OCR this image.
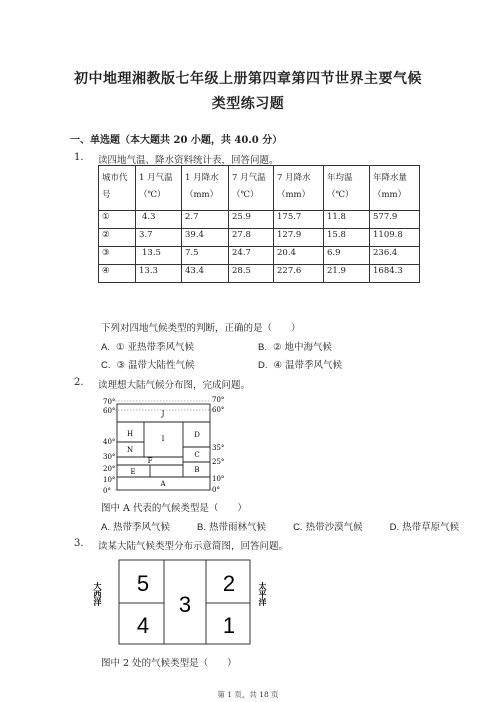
初中地理湘教版七年级上册第四章第四节世界主要气候
类型练习题
一、单选题（本大题共 20 小题，共 40.0 分）
1. 读四地气温、降水资料统计表，回答问题。
城市代
号	1 月气温
（℃）	1 月降水
（mm）	7 月气温
（℃）	7 月降水
（mm）	年均温
（℃）	年降水量
（mm）
①	4.3	2.7	25.9	175.7	11.8	577.9
②	3.7	39.4	27.8	127.9	15.8	1109.8
③	13.5	7.5	24.7	20.4	6.9	236.4
④	13.3	43.4	28.5	227.6	21.9	1684.3
下列对四地气候类型的判断，正确的是（　　）
A. ① 亚热带季风气候	B. ② 地中海气候
C. ③ 温带大陆性气候	D. ④ 温带季风气候
2. 读理想大陆气候分布图，完成问题。
70°
60°
40°
30°
20°
10°
0°
70°
60°
35°
25°
10°
0°
J
I
H	D
N
C
F
B
E
A
图中 A 代表的气候类型是（　　）
A. 热带季风气候	B. 热带雨林气候	C. 热带沙漠气候	D. 热带草原气候
3. 读某大陆气候类型分布示意简图，回答问题。
大西洋	太平洋
5
3
2
4	1
图中 2 处的气候类型是（　　）
第 1 页，共 18 页
